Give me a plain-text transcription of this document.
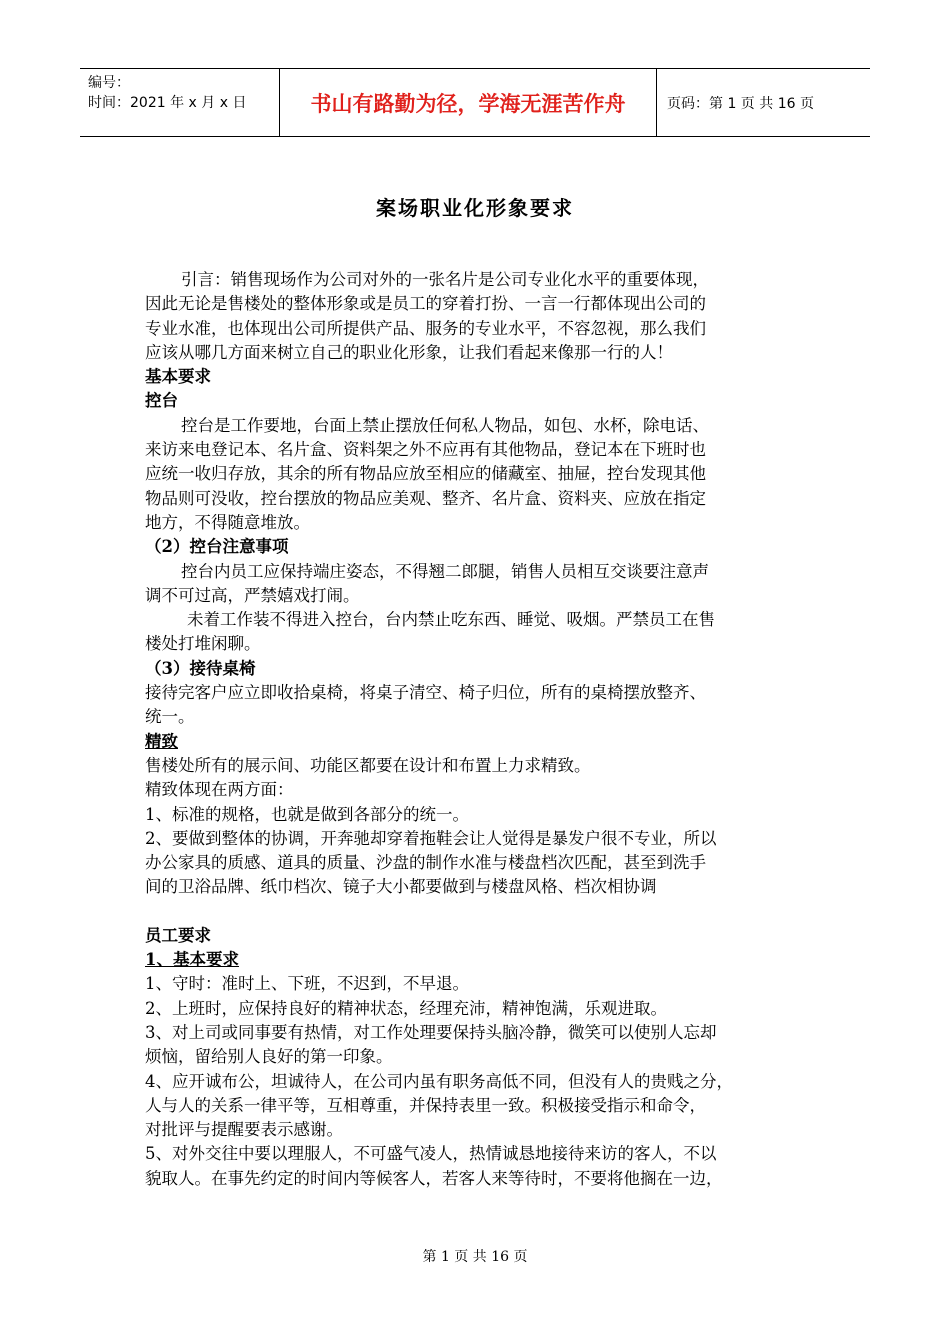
编号：
时间：2021 年 x 月 x 日	书山有路勤为径，学海无涯苦作舟	页码：第 1 页 共 16 页
案场职业化形象要求
引言：销售现场作为公司对外的一张名片是公司专业化水平的重要体现，
因此无论是售楼处的整体形象或是员工的穿着打扮、一言一行都体现出公司的
专业水准，也体现出公司所提供产品、服务的专业水平，不容忽视，那么我们
应该从哪几方面来树立自己的职业化形象，让我们看起来像那一行的人！
基本要求
控台
控台是工作要地，台面上禁止摆放任何私人物品，如包、水杯，除电话、
来访来电登记本、名片盒、资料架之外不应再有其他物品，登记本在下班时也
应统一收归存放，其余的所有物品应放至相应的储藏室、抽屉，控台发现其他
物品则可没收，控台摆放的物品应美观、整齐、名片盒、资料夹、应放在指定
地方，不得随意堆放。
（2）控台注意事项
控台内员工应保持端庄姿态，不得翘二郎腿，销售人员相互交谈要注意声
调不可过高，严禁嬉戏打闹。
未着工作装不得进入控台，台内禁止吃东西、睡觉、吸烟。严禁员工在售
楼处打堆闲聊。
（3）接待桌椅
接待完客户应立即收拾桌椅，将桌子清空、椅子归位，所有的桌椅摆放整齐、
统一。
精致
售楼处所有的展示间、功能区都要在设计和布置上力求精致。
精致体现在两方面：
1、标准的规格，也就是做到各部分的统一。
2、要做到整体的协调，开奔驰却穿着拖鞋会让人觉得是暴发户很不专业，所以
办公家具的质感、道具的质量、沙盘的制作水准与楼盘档次匹配，甚至到洗手
间的卫浴品牌、纸巾档次、镜子大小都要做到与楼盘风格、档次相协调
员工要求
1、基本要求
1、守时：准时上、下班，不迟到，不早退。
2、上班时，应保持良好的精神状态，经理充沛，精神饱满，乐观进取。
3、对上司或同事要有热情，对工作处理要保持头脑冷静，微笑可以使别人忘却
烦恼，留给别人良好的第一印象。
4、应开诚布公，坦诚待人，在公司内虽有职务高低不同，但没有人的贵贱之分，
人与人的关系一律平等，互相尊重，并保持表里一致。积极接受指示和命令，
对批评与提醒要表示感谢。
5、对外交往中要以理服人，不可盛气凌人，热情诚恳地接待来访的客人，不以
貌取人。在事先约定的时间内等候客人，若客人来等待时，不要将他搁在一边，
第 1 页 共 16 页
